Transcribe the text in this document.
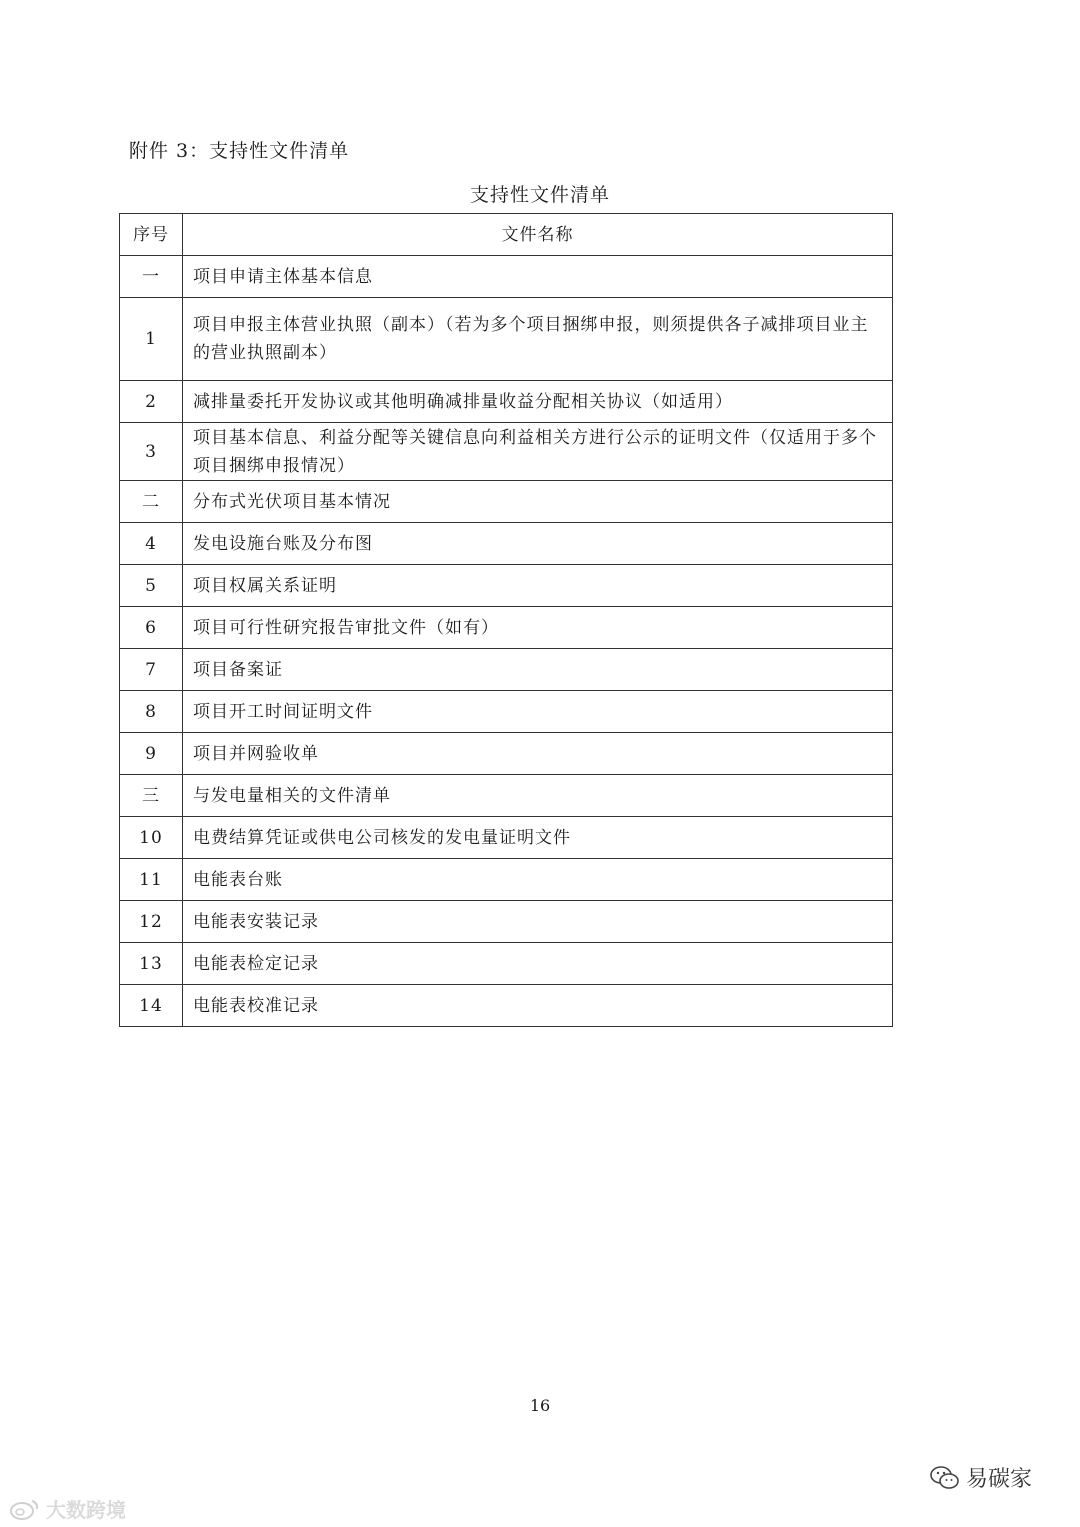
附件 3：支持性文件清单
支持性文件清单
序号	文件名称
一	项目申请主体基本信息
1	项目申报主体营业执照（副本）（若为多个项目捆绑申报，则须提供各子减排项目业主的营业执照副本）
2	减排量委托开发协议或其他明确减排量收益分配相关协议（如适用）
3	项目基本信息、利益分配等关键信息向利益相关方进行公示的证明文件（仅适用于多个项目捆绑申报情况）
二	分布式光伏项目基本情况
4	发电设施台账及分布图
5	项目权属关系证明
6	项目可行性研究报告审批文件（如有）
7	项目备案证
8	项目开工时间证明文件
9	项目并网验收单
三	与发电量相关的文件清单
10	电费结算凭证或供电公司核发的发电量证明文件
11	电能表台账
12	电能表安装记录
13	电能表检定记录
14	电能表校准记录
16
大数跨境
易碳家
